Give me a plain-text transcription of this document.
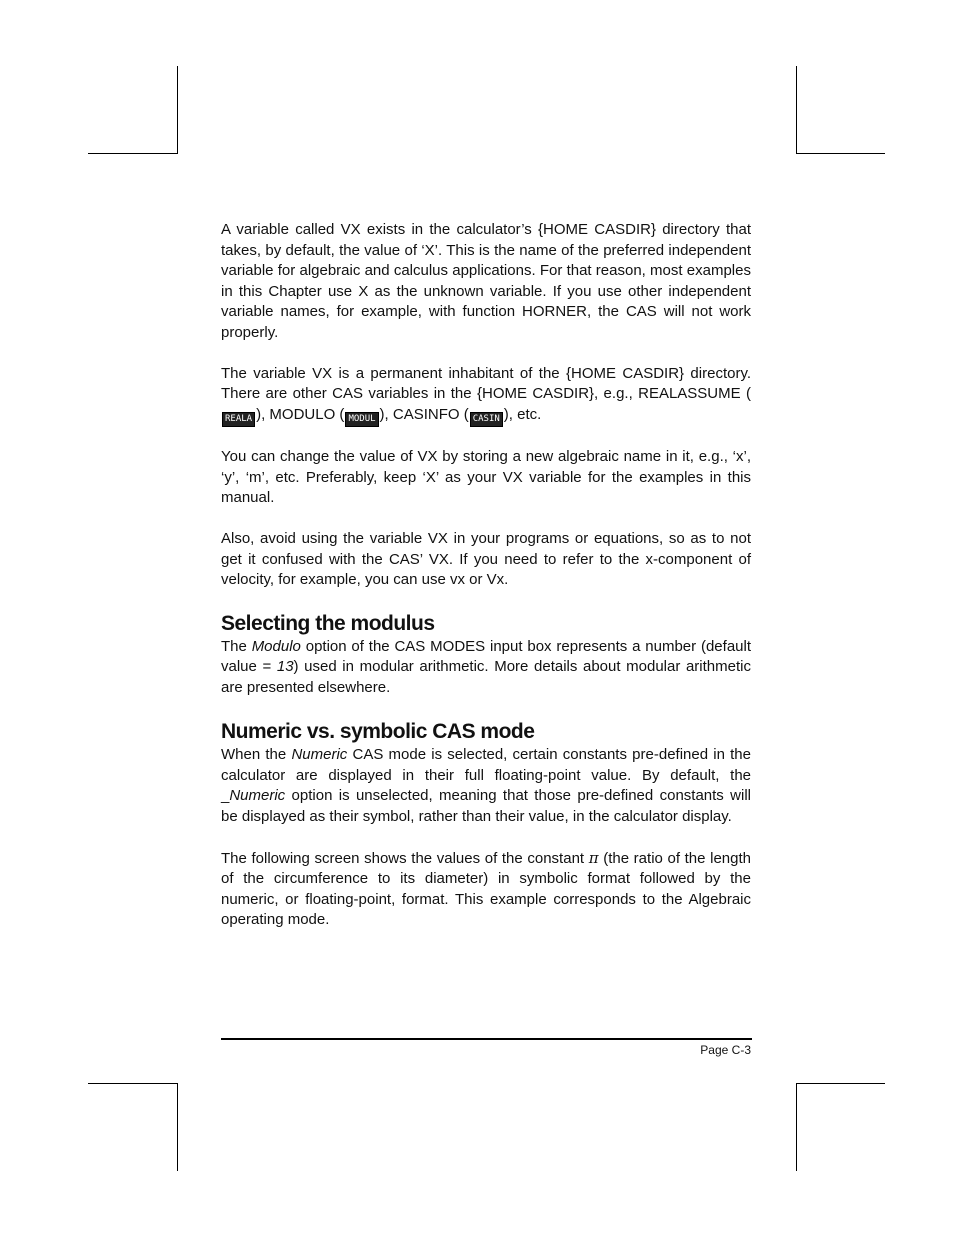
A variable called VX exists in the calculator’s {HOME CASDIR} directory that takes, by default, the value of ‘X’. This is the name of the preferred independent variable for algebraic and calculus applications. For that reason, most examples in this Chapter use X as the unknown variable. If you use other independent variable names, for example, with function HORNER, the CAS will not work properly.

The variable VX is a permanent inhabitant of the {HOME CASDIR} directory. There are other CAS variables in the {HOME CASDIR}, e.g., REALASSUME (REALA ), MODULO ( MODUL ), CASINFO ( CASIN ), etc.

You can change the value of VX by storing a new algebraic name in it, e.g., ‘x’, ‘y’, ‘m’, etc. Preferably, keep ‘X’ as your VX variable for the examples in this manual.

Also, avoid using the variable VX in your programs or equations, so as to not get it confused with the CAS’ VX. If you need to refer to the x-component of velocity, for example, you can use vx or Vx.

Selecting the modulus

The Modulo option of the CAS MODES input box represents a number (default value = 13) used in modular arithmetic. More details about modular arithmetic are presented elsewhere.

Numeric vs. symbolic CAS mode

When the Numeric CAS mode is selected, certain constants pre-defined in the calculator are displayed in their full floating-point value. By default, the _Numeric option is unselected, meaning that those pre-defined constants will be displayed as their symbol, rather than their value, in the calculator display.

The following screen shows the values of the constant π (the ratio of the length of the circumference to its diameter) in symbolic format followed by the numeric, or floating-point, format. This example corresponds to the Algebraic operating mode.

Page C-3
